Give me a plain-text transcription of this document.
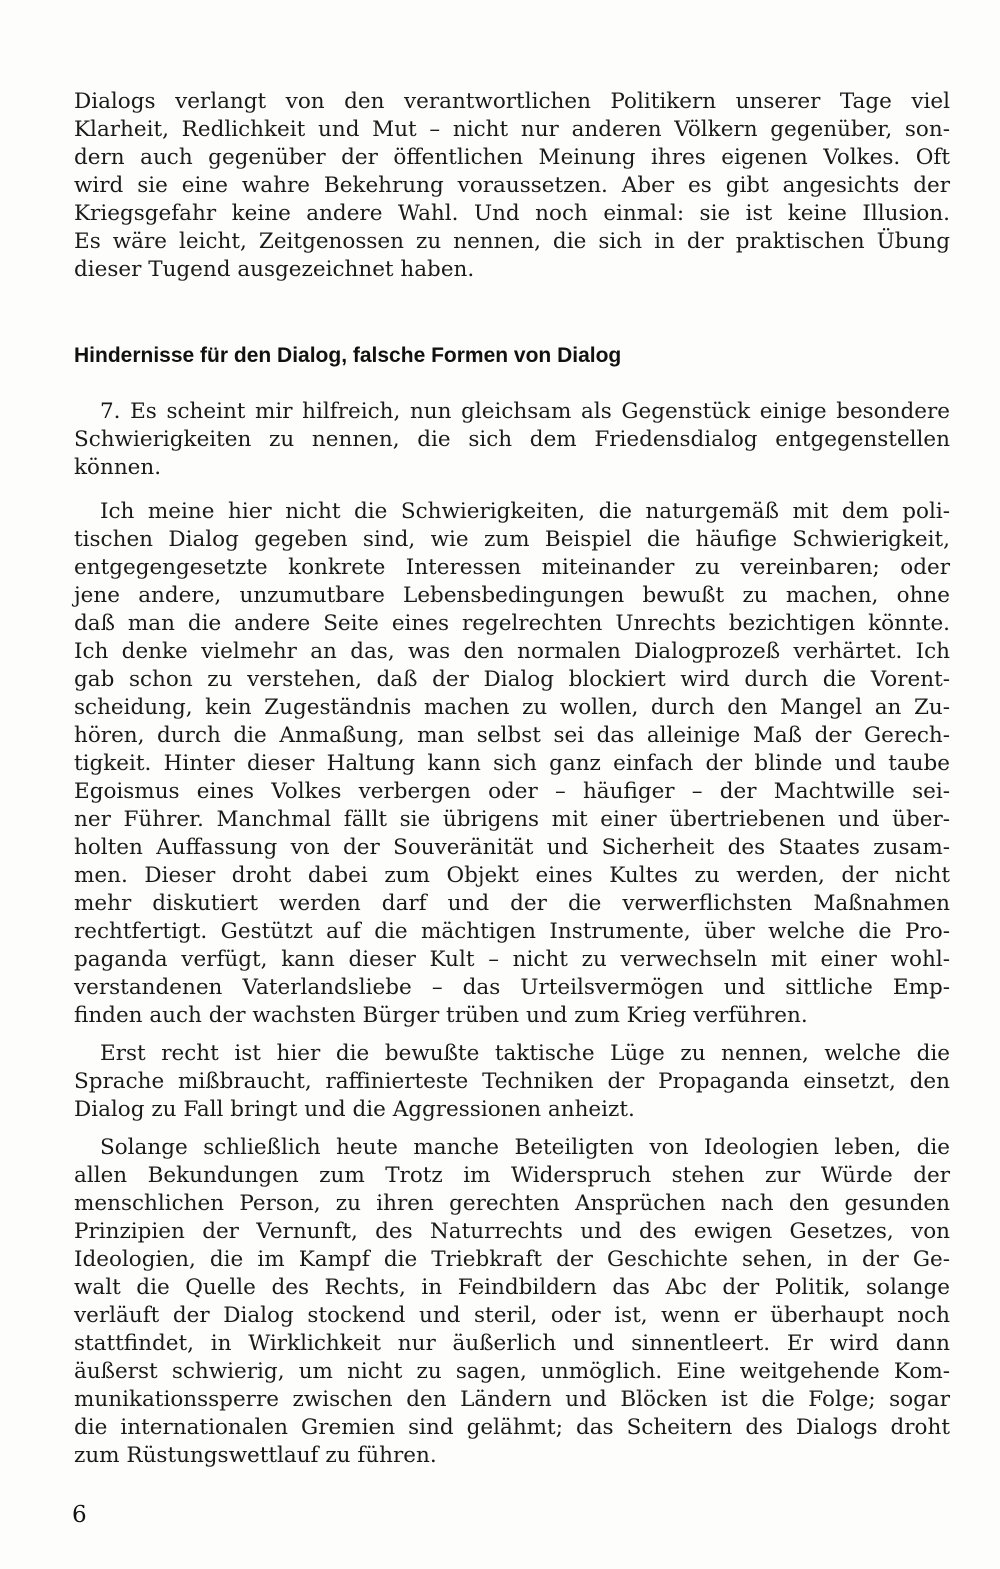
Dialogs verlangt von den verantwortlichen Politikern unserer Tage viel
Klarheit, Redlichkeit und Mut – nicht nur anderen Völkern gegenüber, son-
dern auch gegenüber der öffentlichen Meinung ihres eigenen Volkes. Oft
wird sie eine wahre Bekehrung voraussetzen. Aber es gibt angesichts der
Kriegsgefahr keine andere Wahl. Und noch einmal: sie ist keine Illusion.
Es wäre leicht, Zeitgenossen zu nennen, die sich in der praktischen Übung
dieser Tugend ausgezeichnet haben.
Hindernisse für den Dialog, falsche Formen von Dialog
7. Es scheint mir hilfreich, nun gleichsam als Gegenstück einige besondere
Schwierigkeiten zu nennen, die sich dem Friedensdialog entgegenstellen
können.
Ich meine hier nicht die Schwierigkeiten, die naturgemäß mit dem poli-
tischen Dialog gegeben sind, wie zum Beispiel die häufige Schwierigkeit,
entgegengesetzte konkrete Interessen miteinander zu vereinbaren; oder
jene andere, unzumutbare Lebensbedingungen bewußt zu machen, ohne
daß man die andere Seite eines regelrechten Unrechts bezichtigen könnte.
Ich denke vielmehr an das, was den normalen Dialogprozeß verhärtet. Ich
gab schon zu verstehen, daß der Dialog blockiert wird durch die Vorent-
scheidung, kein Zugeständnis machen zu wollen, durch den Mangel an Zu-
hören, durch die Anmaßung, man selbst sei das alleinige Maß der Gerech-
tigkeit. Hinter dieser Haltung kann sich ganz einfach der blinde und taube
Egoismus eines Volkes verbergen oder – häufiger – der Machtwille sei-
ner Führer. Manchmal fällt sie übrigens mit einer übertriebenen und über-
holten Auffassung von der Souveränität und Sicherheit des Staates zusam-
men. Dieser droht dabei zum Objekt eines Kultes zu werden, der nicht
mehr diskutiert werden darf und der die verwerflichsten Maßnahmen
rechtfertigt. Gestützt auf die mächtigen Instrumente, über welche die Pro-
paganda verfügt, kann dieser Kult – nicht zu verwechseln mit einer wohl-
verstandenen Vaterlandsliebe – das Urteilsvermögen und sittliche Emp-
finden auch der wachsten Bürger trüben und zum Krieg verführen.
Erst recht ist hier die bewußte taktische Lüge zu nennen, welche die
Sprache mißbraucht, raffinierteste Techniken der Propaganda einsetzt, den
Dialog zu Fall bringt und die Aggressionen anheizt.
Solange schließlich heute manche Beteiligten von Ideologien leben, die
allen Bekundungen zum Trotz im Widerspruch stehen zur Würde der
menschlichen Person, zu ihren gerechten Ansprüchen nach den gesunden
Prinzipien der Vernunft, des Naturrechts und des ewigen Gesetzes, von
Ideologien, die im Kampf die Triebkraft der Geschichte sehen, in der Ge-
walt die Quelle des Rechts, in Feindbildern das Abc der Politik, solange
verläuft der Dialog stockend und steril, oder ist, wenn er überhaupt noch
stattfindet, in Wirklichkeit nur äußerlich und sinnentleert. Er wird dann
äußerst schwierig, um nicht zu sagen, unmöglich. Eine weitgehende Kom-
munikationssperre zwischen den Ländern und Blöcken ist die Folge; sogar
die internationalen Gremien sind gelähmt; das Scheitern des Dialogs droht
zum Rüstungswettlauf zu führen.
6
